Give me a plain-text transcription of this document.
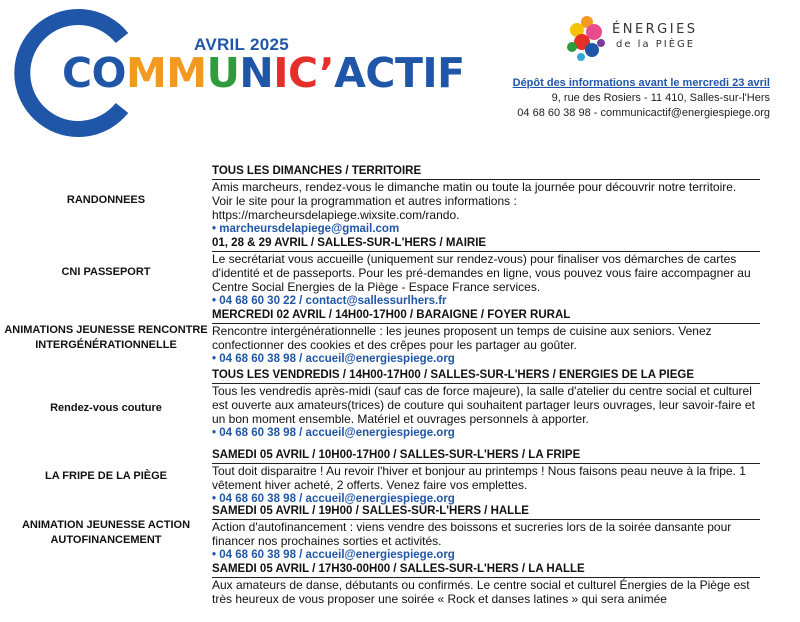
AVRIL 2025
COMMUNIC’ACTIF
ÉNERGIES
de la PIÈGE
Dépôt des informations avant le mercredi 23 avril
9, rue des Rosiers - 11 410, Salles-sur-l'Hers
04 68 60 38 98 - communicactif@energiespiege.org
RANDONNEES
TOUS LES DIMANCHES / TERRITOIRE

Amis marcheurs, rendez-vous le dimanche matin ou toute la journée pour découvrir notre territoire. Voir le site pour la programmation et autres informations : https://marcheursdelapiege.wixsite.com/rando.

• marcheursdelapiege@gmail.com

CNI PASSEPORT
01, 28 & 29 AVRIL / SALLES-SUR-L'HERS / MAIRIE

Le secrétariat vous accueille (uniquement sur rendez-vous) pour finaliser vos démarches de cartes d'identité et de passeports. Pour les pré-demandes en ligne, vous pouvez vous faire accompagner au Centre Social Energies de la Piège - Espace France services.

• 04 68 60 30 22 / contact@sallessurlhers.fr

ANIMATIONS JEUNESSE RENCONTRE INTERGÉNÉRATIONNELLE
MERCREDI 02 AVRIL / 14H00-17H00 / BARAIGNE / FOYER RURAL

Rencontre intergénérationnelle : les jeunes proposent un temps de cuisine aux seniors. Venez confectionner des cookies et des crêpes pour les partager au goûter.

• 04 68 60 38 98 / accueil@energiespiege.org

Rendez-vous couture
TOUS LES VENDREDIS / 14H00-17H00 / SALLES-SUR-L'HERS / ENERGIES DE LA PIEGE

Tous les vendredis après-midi (sauf cas de force majeure), la salle d'atelier du centre social et culturel est ouverte aux amateurs(trices) de couture qui souhaitent partager leurs ouvrages, leur savoir-faire et un bon moment ensemble. Matériel et ouvrages personnels à apporter.

• 04 68 60 38 98 / accueil@energiespiege.org

LA FRIPE DE LA PIÈGE
SAMEDI 05 AVRIL / 10H00-17H00 / SALLES-SUR-L'HERS / LA FRIPE

Tout doit disparaitre ! Au revoir l'hiver et bonjour au printemps ! Nous faisons peau neuve à la fripe. 1 vêtement hiver acheté, 2 offerts. Venez faire vos emplettes.

• 04 68 60 38 98 / accueil@energiespiege.org

ANIMATION JEUNESSE ACTION AUTOFINANCEMENT
SAMEDI 05 AVRIL / 19H00 / SALLES-SUR-L'HERS / HALLE

Action d'autofinancement : viens vendre des boissons et sucreries lors de la soirée dansante pour financer nos prochaines sorties et activités.

• 04 68 60 38 98 / accueil@energiespiege.org

SAMEDI 05 AVRIL / 17H30-00H00 / SALLES-SUR-L'HERS / LA HALLE

Aux amateurs de danse, débutants ou confirmés. Le centre social et culturel Énergies de la Piège est très heureux de vous proposer une soirée « Rock et danses latines » qui sera animée
